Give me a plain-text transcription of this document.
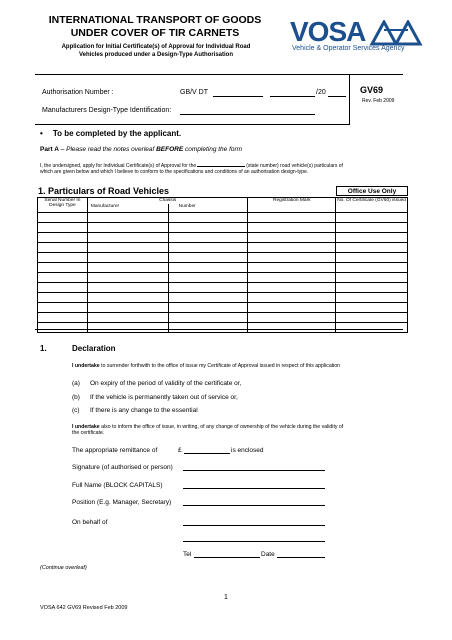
INTERNATIONAL TRANSPORT OF GOODS
UNDER COVER OF TIR CARNETS
Application for Initial Certificate(s) of Approval for Individual Road
Vehicles produced under a Design-Type Authorisation
VOSA
Vehicle & Operator Services Agency
Authorisation Number :	GB/V DT	/20
Manufacturers Design-Type Identification:
GV69
Rev. Feb 2009
• To be completed by the applicant.
Part A – Please read the notes overleaf BEFORE completing the form
I, the undersigned, apply for Individual Certificate(s) of Approval for the	(state number) road vehicle(s) particulars of
which are given below and which I believe to conform to the specifications and conditions of an authorisation design-type.
1. Particulars of Road Vehicles	Office Use Only
Serial Number In Design Type	Chassis		Registration Mark	No. Of Certificate (GV60) issued
	Manufacturer	Number		

1.	Declaration
I undertake to surrender forthwith to the office of issue my Certificate of Approval issued in respect of this application
(a) On expiry of the period of validity of the certificate or,
(b) If the vehicle is permanently taken out of service or,
(c) If there is any change to the essential
I undertake also to inform the office of issue, in writing, of any change of ownership of the vehicle during the validity of
the certificate.
The appropriate remittance of	£	is enclosed
Signature (of authorised or person)
Full Name (BLOCK CAPITALS)
Position (E.g. Manager, Secretary)
On behalf of
Tel	Date
(Continue overleaf)
1
VOSA 642 GV69 Revised Feb 2009
